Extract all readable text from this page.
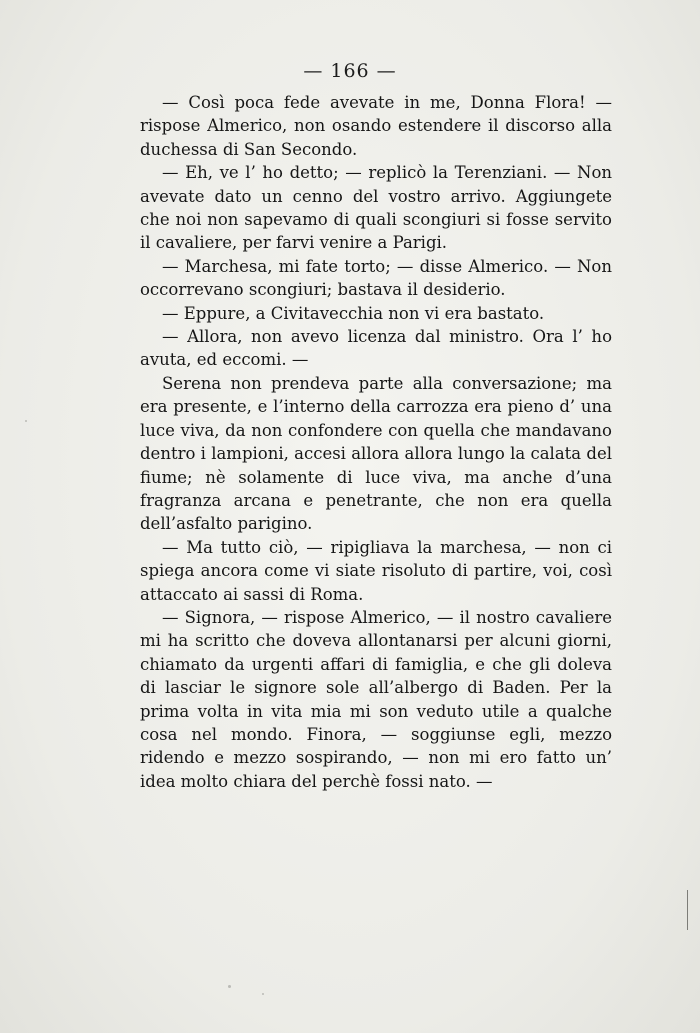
— 166 —

— Così poca fede avevate in me, Donna Flora! — rispose Almerico, non osando estendere il discorso alla duchessa di San Secondo.

— Eh, ve l’ ho detto; — replicò la Terenziani. — Non avevate dato un cenno del vostro arrivo. Aggiungete che noi non sapevamo di quali scongiuri si fosse servito il cavaliere, per farvi venire a Parigi.

— Marchesa, mi fate torto; — disse Almerico. — Non occorrevano scongiuri; bastava il desiderio.

— Eppure, a Civitavecchia non vi era bastato.

— Allora, non avevo licenza dal ministro. Ora l’ ho avuta, ed eccomi. —

Serena non prendeva parte alla conversazione; ma era presente, e l’interno della carrozza era pieno d’ una luce viva, da non confondere con quella che mandavano dentro i lampioni, accesi allora allora lungo la calata del fiume; nè solamente di luce viva, ma anche d’una fragranza arcana e penetrante, che non era quella dell’asfalto parigino.

— Ma tutto ciò, — ripigliava la marchesa, — non ci spiega ancora come vi siate risoluto di partire, voi, così attaccato ai sassi di Roma.

— Signora, — rispose Almerico, — il nostro cavaliere mi ha scritto che doveva allontanarsi per alcuni giorni, chiamato da urgenti affari di famiglia, e che gli doleva di lasciar le signore sole all’albergo di Baden. Per la prima volta in vita mia mi son veduto utile a qualche cosa nel mondo. Finora, — soggiunse egli, mezzo ridendo e mezzo sospirando, — non mi ero fatto un’ idea molto chiara del perchè fossi nato. —
